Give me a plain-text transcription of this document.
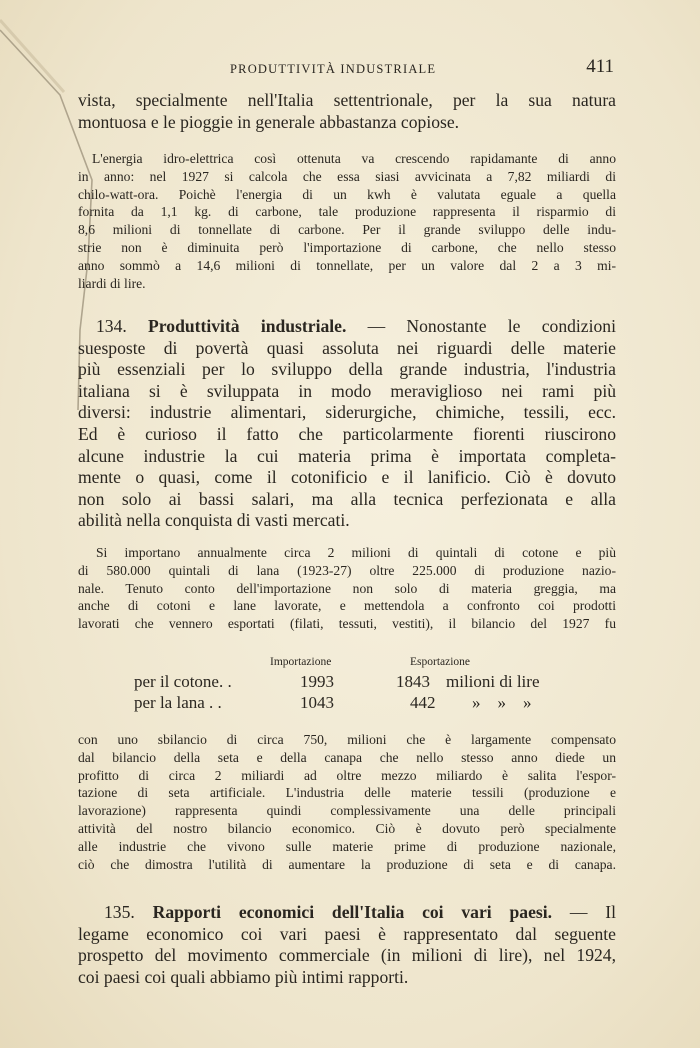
PRODUTTIVITÀ INDUSTRIALE	411
vista, specialmente nell'Italia settentrionale, per la sua natura
montuosa e le pioggie in generale abbastanza copiose.
L'energia idro-elettrica così ottenuta va crescendo rapidamante di anno
in anno: nel 1927 si calcola che essa siasi avvicinata a 7,82 miliardi di
chilo-watt-ora. Poichè l'energia di un kwh è valutata eguale a quella
fornita da 1,1 kg. di carbone, tale produzione rappresenta il risparmio di
8,6 milioni di tonnellate di carbone. Per il grande sviluppo delle indu-
strie non è diminuita però l'importazione di carbone, che nello stesso
anno sommò a 14,6 milioni di tonnellate, per un valore dal 2 a 3 mi-
liardi di lire.
134. Produttività industriale. — Nonostante le condizioni
suesposte di povertà quasi assoluta nei riguardi delle materie
più essenziali per lo sviluppo della grande industria, l'industria
italiana si è sviluppata in modo meraviglioso nei rami più
diversi: industrie alimentari, siderurgiche, chimiche, tessili, ecc.
Ed è curioso il fatto che particolarmente fiorenti riuscirono
alcune industrie la cui materia prima è importata completa-
mente o quasi, come il cotonificio e il lanificio. Ciò è dovuto
non solo ai bassi salari, ma alla tecnica perfezionata e alla
abilità nella conquista di vasti mercati.
Si importano annualmente circa 2 milioni di quintali di cotone e più
di 580.000 quintali di lana (1923-27) oltre 225.000 di produzione nazio-
nale. Tenuto conto dell'importazione non solo di materia greggia, ma
anche di cotoni e lane lavorate, e mettendola a confronto coi prodotti
lavorati che vennero esportati (filati, tessuti, vestiti), il bilancio del 1927 fu
Importazione	Esportazione
per il cotone. .	1993	1843 milioni di lire
per la lana . .	1043	442 »    »    »
con uno sbilancio di circa 750, milioni che è largamente compensato
dal bilancio della seta e della canapa che nello stesso anno diede un
profitto di circa 2 miliardi ad oltre mezzo miliardo è salita l'espor-
tazione di seta artificiale. L'industria delle materie tessili (produzione e
lavorazione) rappresenta quindi complessivamente una delle principali
attività del nostro bilancio economico. Ciò è dovuto però specialmente
alle industrie che vivono sulle materie prime di produzione nazionale,
ciò che dimostra l'utilità di aumentare la produzione di seta e di canapa.
135. Rapporti economici dell'Italia coi vari paesi. — Il
legame economico coi vari paesi è rappresentato dal seguente
prospetto del movimento commerciale (in milioni di lire), nel 1924,
coi paesi coi quali abbiamo più intimi rapporti.
